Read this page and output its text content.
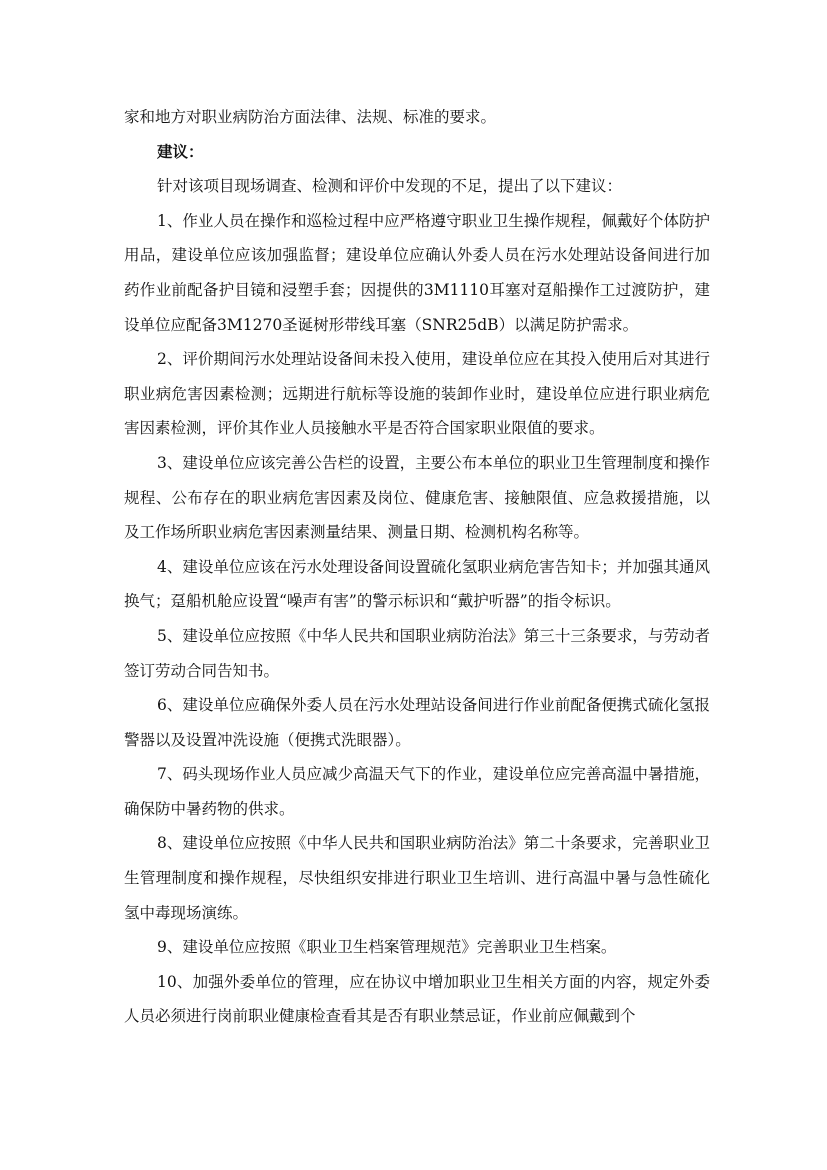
家和地方对职业病防治方面法律、法规、标准的要求。

建议：

针对该项目现场调查、检测和评价中发现的不足，提出了以下建议：

1、作业人员在操作和巡检过程中应严格遵守职业卫生操作规程，佩戴好个体防护用品，建设单位应该加强监督；建设单位应确认外委人员在污水处理站设备间进行加药作业前配备护目镜和浸塑手套；因提供的3M1110耳塞对趸船操作工过渡防护，建设单位应配备3M1270圣诞树形带线耳塞（SNR25dB）以满足防护需求。

2、评价期间污水处理站设备间未投入使用，建设单位应在其投入使用后对其进行职业病危害因素检测；远期进行航标等设施的装卸作业时，建设单位应进行职业病危害因素检测，评价其作业人员接触水平是否符合国家职业限值的要求。

3、建设单位应该完善公告栏的设置，主要公布本单位的职业卫生管理制度和操作规程、公布存在的职业病危害因素及岗位、健康危害、接触限值、应急救援措施，以及工作场所职业病危害因素测量结果、测量日期、检测机构名称等。

4、建设单位应该在污水处理设备间设置硫化氢职业病危害告知卡；并加强其通风换气；趸船机舱应设置“噪声有害”的警示标识和“戴护听器”的指令标识。

5、建设单位应按照《中华人民共和国职业病防治法》第三十三条要求，与劳动者签订劳动合同告知书。

6、建设单位应确保外委人员在污水处理站设备间进行作业前配备便携式硫化氢报警器以及设置冲洗设施（便携式洗眼器）。

7、码头现场作业人员应减少高温天气下的作业，建设单位应完善高温中暑措施，确保防中暑药物的供求。

8、建设单位应按照《中华人民共和国职业病防治法》第二十条要求，完善职业卫生管理制度和操作规程，尽快组织安排进行职业卫生培训、进行高温中暑与急性硫化氢中毒现场演练。

9、建设单位应按照《职业卫生档案管理规范》完善职业卫生档案。

10、加强外委单位的管理，应在协议中增加职业卫生相关方面的内容，规定外委人员必须进行岗前职业健康检查看其是否有职业禁忌证，作业前应佩戴到个
